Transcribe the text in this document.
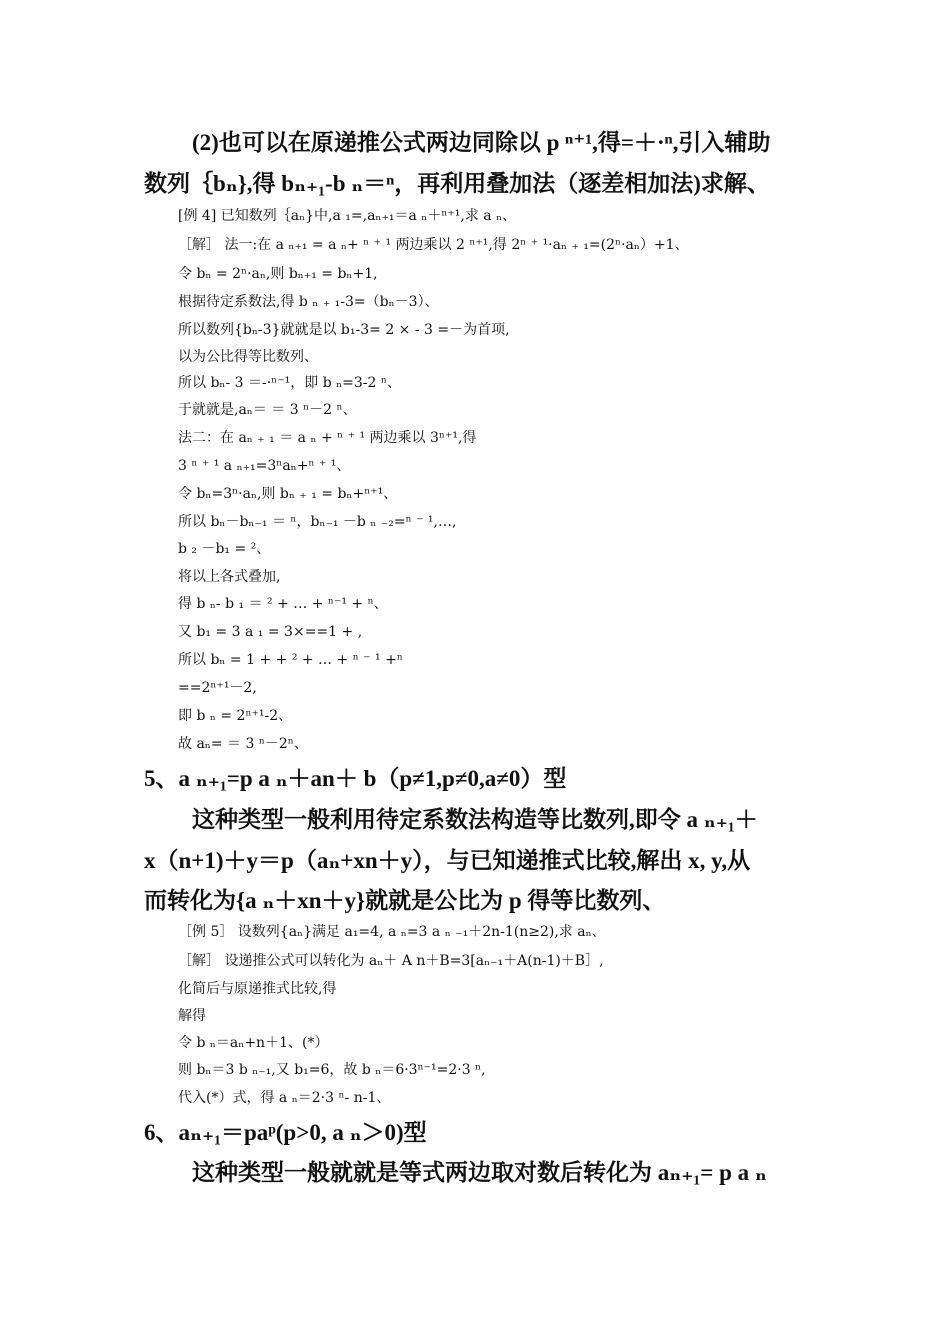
(2)也可以在原递推公式两边同除以 p ⁿ⁺¹,得=＋·ⁿ,引入辅助
数列｛bₙ},得 bₙ₊₁-b ₙ＝ⁿ，再利用叠加法（逐差相加法)求解、
[例 4] 已知数列｛aₙ}中,a ₁=,aₙ₊₁＝a ₙ＋ⁿ⁺¹,求 a ₙ、
［解］ 法一:在 a ₙ₊₁ = a ₙ+ ⁿ ⁺ ¹ 两边乘以 2 ⁿ⁺¹,得 2ⁿ ⁺ ¹·aₙ ₊ ₁=(2ⁿ·aₙ）+1、
令 bₙ = 2ⁿ·aₙ,则 bₙ₊₁ = bₙ+1,
根据待定系数法,得 b ₙ ₊ ₁-3=（bₙ－3）、
所以数列{bₙ-3}就就是以 b₁-3= 2 × - 3 =－为首项,
以为公比得等比数列、
所以 bₙ- 3 ＝-·ⁿ⁻¹，即 b ₙ=3-2 ⁿ、
于就就是,aₙ＝ ＝ 3 ⁿ－2 ⁿ、
法二：在 aₙ ₊ ₁ ＝ a ₙ + ⁿ ⁺ ¹ 两边乘以 3ⁿ⁺¹,得
3 ⁿ ⁺ ¹ a ₙ₊₁=3ⁿaₙ+ⁿ ⁺ ¹、
令 bₙ=3ⁿ·aₙ,则 bₙ ₊ ₁ = bₙ+ⁿ⁺¹、
所以 bₙ－bₙ₋₁ ＝ ⁿ，bₙ₋₁ －b ₙ ₋₂=ⁿ ⁻ ¹,…,
b ₂ －b₁ = ²、
将以上各式叠加,
得 b ₙ- b ₁ ＝ ² + … + ⁿ⁻¹ + ⁿ、
又 b₁ = 3 a ₁ = 3×==1 + ,
所以 bₙ = 1 + + ² + … + ⁿ ⁻ ¹ +ⁿ
==2ⁿ⁺¹－2,
即 b ₙ = 2ⁿ⁺¹-2、
故 aₙ= ＝ 3 ⁿ－2ⁿ、
5、a ₙ₊₁=p a ₙ＋an＋ b（p≠1,p≠0,a≠0）型
这种类型一般利用待定系数法构造等比数列,即令 a ₙ₊₁＋
x（n+1)＋y＝p（aₙ+xn＋y），与已知递推式比较,解出 x, y,从
而转化为{a ₙ＋xn＋y}就就是公比为 p 得等比数列、
［例 5］ 设数列{aₙ}满足 a₁=4, a ₙ=3 a ₙ ₋₁＋2n-1(n≥2),求 aₙ、
［解］ 设递推公式可以转化为 aₙ＋ A n＋B=3[aₙ₋₁＋A(n-1)＋B］,
化简后与原递推式比较,得
解得
令 b ₙ＝aₙ+n＋1、(*）
则 bₙ＝3 b ₙ₋₁,又 b₁=6，故 b ₙ＝6·3ⁿ⁻¹=2·3 ⁿ,
代入(*）式，得 a ₙ＝2·3 ⁿ- n-1、
6、aₙ₊₁＝paᵖ(p>0, a ₙ＞0)型
这种类型一般就就是等式两边取对数后转化为 aₙ₊₁= p a ₙ
